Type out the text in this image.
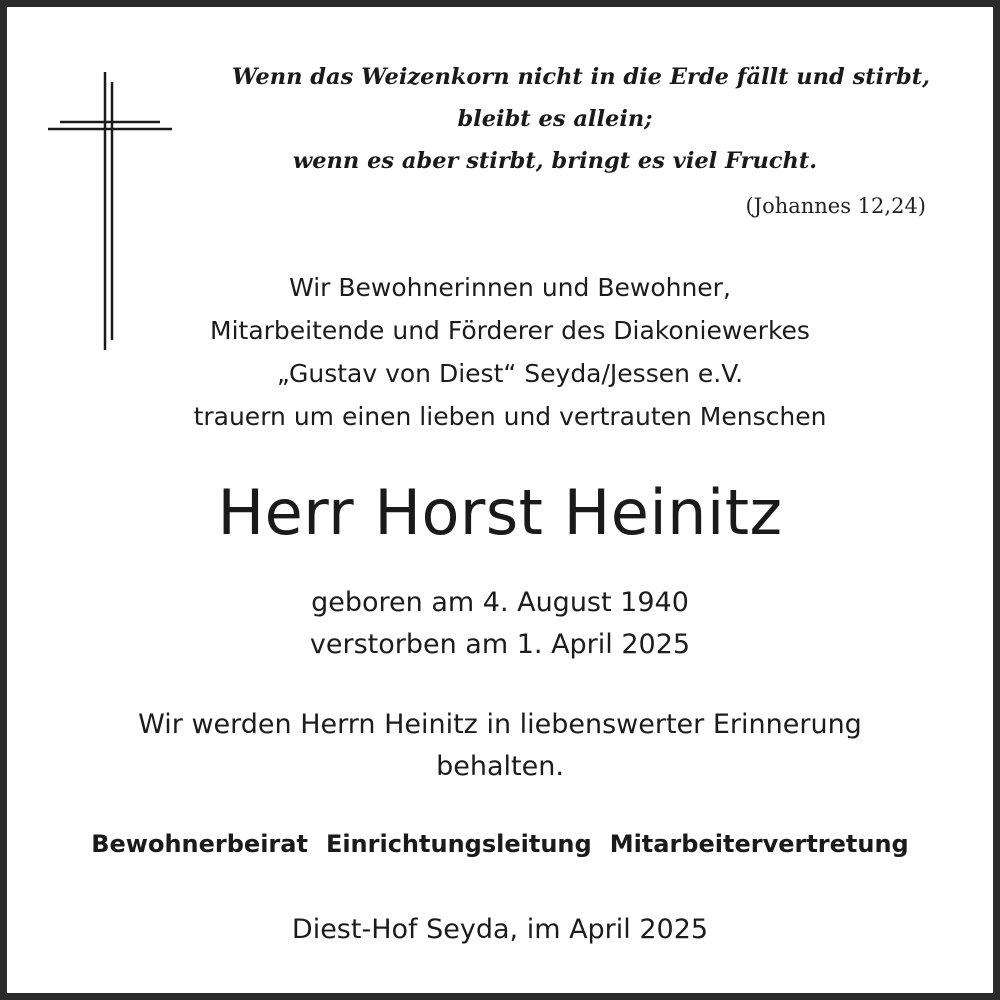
Wenn das Weizenkorn nicht in die Erde fällt und stirbt,
bleibt es allein;
wenn es aber stirbt, bringt es viel Frucht.
(Johannes 12,24)
Wir Bewohnerinnen und Bewohner,
Mitarbeitende und Förderer des Diakoniewerkes
„Gustav von Diest“ Seyda/Jessen e.V.
trauern um einen lieben und vertrauten Menschen
Herr Horst Heinitz
geboren am 4. August 1940
verstorben am 1. April 2025
Wir werden Herrn Heinitz in liebenswerter Erinnerung
behalten.
Bewohnerbeirat Einrichtungsleitung Mitarbeitervertretung
Diest-Hof Seyda, im April 2025
